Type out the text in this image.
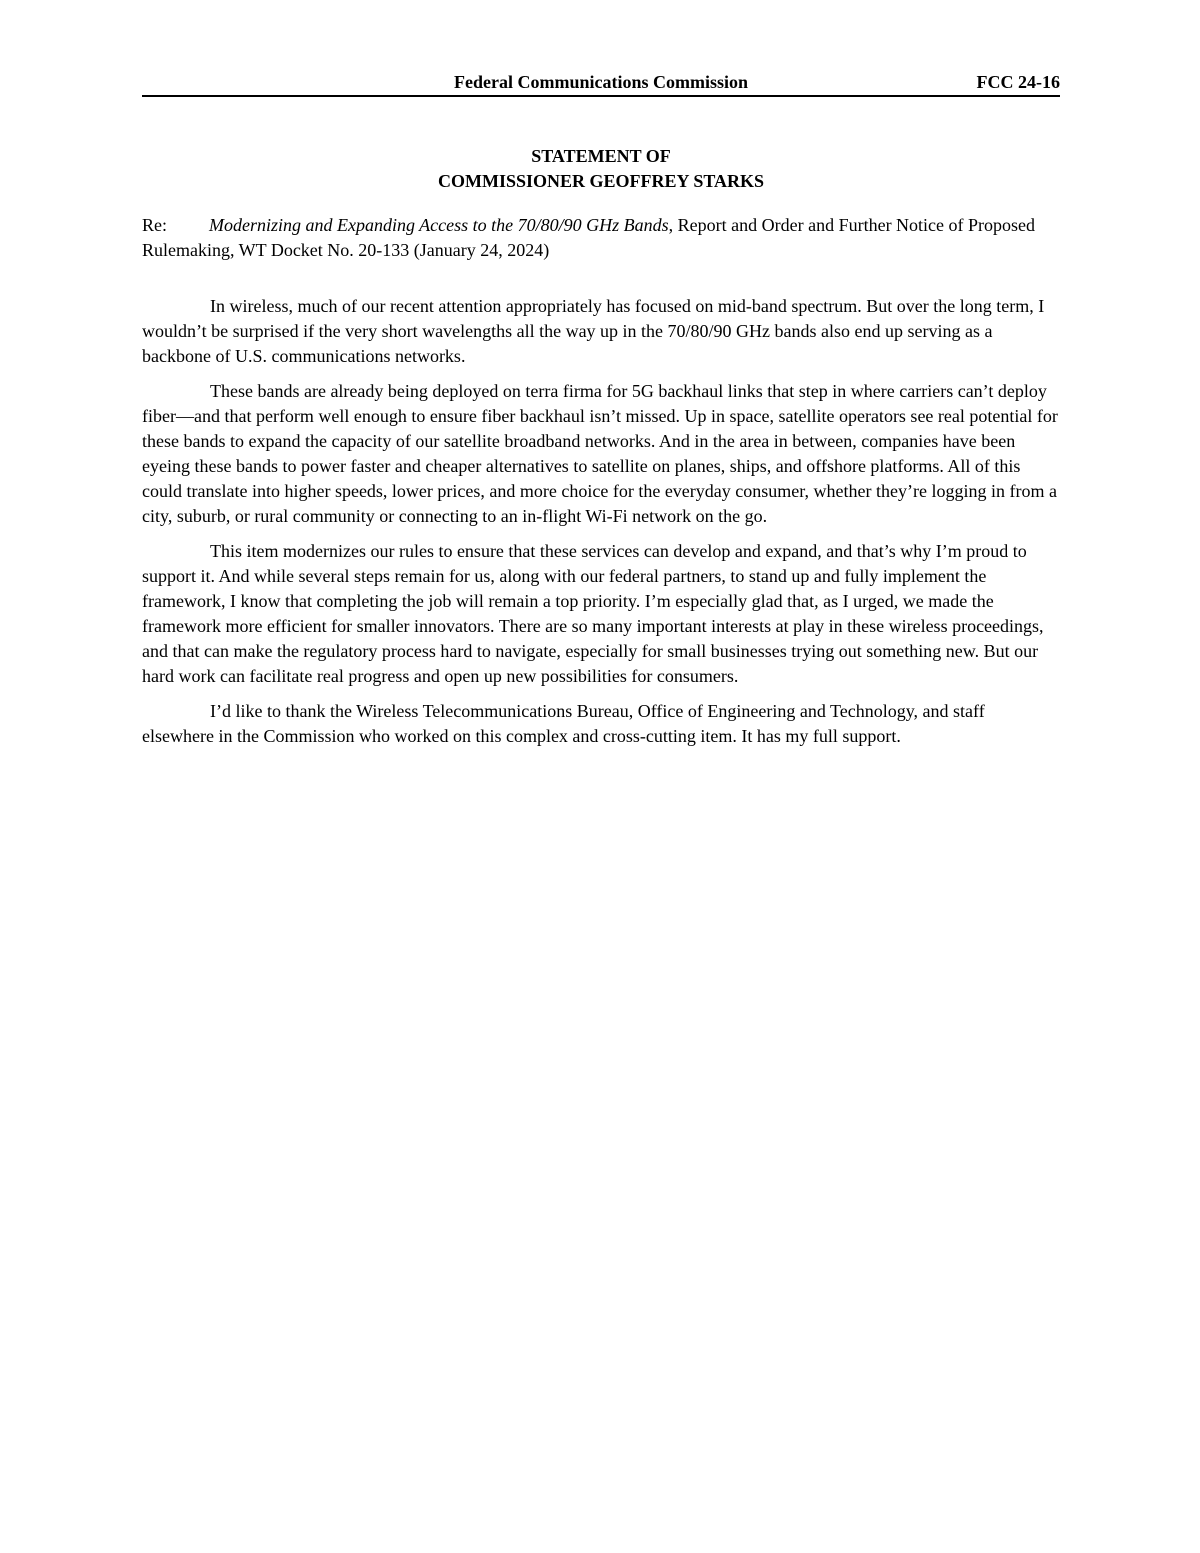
Federal Communications Commission	FCC 24-16
STATEMENT OF
COMMISSIONER GEOFFREY STARKS
Re: Modernizing and Expanding Access to the 70/80/90 GHz Bands, Report and Order and Further Notice of Proposed Rulemaking, WT Docket No. 20-133 (January 24, 2024)

In wireless, much of our recent attention appropriately has focused on mid-band spectrum. But over the long term, I wouldn’t be surprised if the very short wavelengths all the way up in the 70/80/90 GHz bands also end up serving as a backbone of U.S. communications networks.

These bands are already being deployed on terra firma for 5G backhaul links that step in where carriers can’t deploy fiber—and that perform well enough to ensure fiber backhaul isn’t missed. Up in space, satellite operators see real potential for these bands to expand the capacity of our satellite broadband networks. And in the area in between, companies have been eyeing these bands to power faster and cheaper alternatives to satellite on planes, ships, and offshore platforms. All of this could translate into higher speeds, lower prices, and more choice for the everyday consumer, whether they’re logging in from a city, suburb, or rural community or connecting to an in-flight Wi-Fi network on the go.

This item modernizes our rules to ensure that these services can develop and expand, and that’s why I’m proud to support it. And while several steps remain for us, along with our federal partners, to stand up and fully implement the framework, I know that completing the job will remain a top priority. I’m especially glad that, as I urged, we made the framework more efficient for smaller innovators. There are so many important interests at play in these wireless proceedings, and that can make the regulatory process hard to navigate, especially for small businesses trying out something new. But our hard work can facilitate real progress and open up new possibilities for consumers.

I’d like to thank the Wireless Telecommunications Bureau, Office of Engineering and Technology, and staff elsewhere in the Commission who worked on this complex and cross-cutting item. It has my full support.
